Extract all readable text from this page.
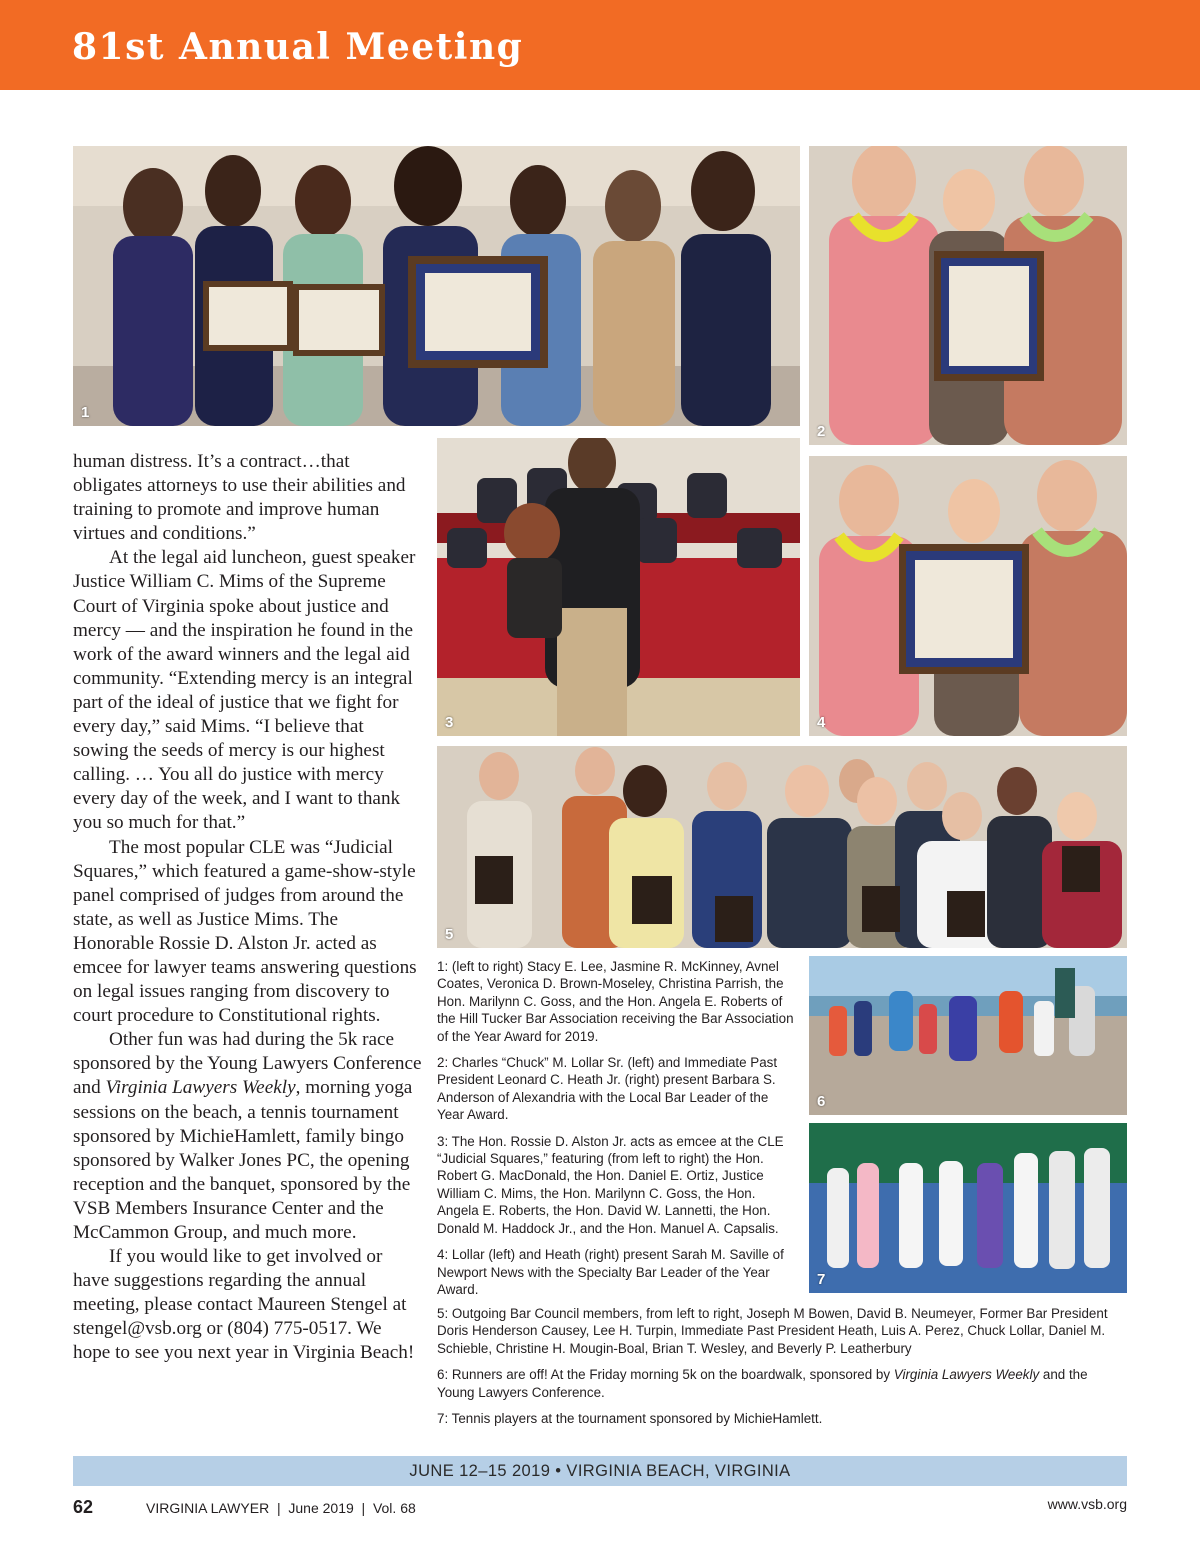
81st Annual Meeting
1
2
3	4
5
6
7

human distress. It’s a contract…that obligates attorneys to use their abilities and training to promote and improve human virtues and conditions.”

At the legal aid luncheon, guest speaker Justice William C. Mims of the Supreme Court of Virginia spoke about justice and mercy — and the inspiration he found in the work of the award winners and the legal aid community. “Extending mercy is an integral part of the ideal of justice that we fight for every day,” said Mims. “I believe that sowing the seeds of mercy is our highest calling. … You all do justice with mercy every day of the week, and I want to thank you so much for that.”

The most popular CLE was “Judicial Squares,” which featured a game-show-style panel comprised of judges from around the state, as well as Justice Mims. The Honorable Rossie D. Alston Jr. acted as emcee for lawyer teams answering questions on legal issues ranging from discovery to court procedure to Constitutional rights.

Other fun was had during the 5k race sponsored by the Young Lawyers Conference and Virginia Lawyers Weekly, morning yoga sessions on the beach, a tennis tournament sponsored by MichieHamlett, family bingo sponsored by Walker Jones PC, the opening reception and the banquet, sponsored by the VSB Members Insurance Center and the McCammon Group, and much more.

If you would like to get involved or have suggestions regarding the annual meeting, please contact Maureen Stengel at stengel@vsb.org or (804) 775-0517. We hope to see you next year in Virginia Beach!

1: (left to right) Stacy E. Lee, Jasmine R. McKinney, Avnel Coates, Veronica D. Brown-Moseley, Christina Parrish, the Hon. Marilynn C. Goss, and the Hon. Angela E. Roberts of the Hill Tucker Bar Association receiving the Bar Association of the Year Award for 2019.

2: Charles “Chuck” M. Lollar Sr. (left) and Immediate Past President Leonard C. Heath Jr. (right) present Barbara S. Anderson of Alexandria with the Local Bar Leader of the Year Award.

3: The Hon. Rossie D. Alston Jr. acts as emcee at the CLE “Judicial Squares,” featuring (from left to right) the Hon. Robert G. MacDonald, the Hon. Daniel E. Ortiz, Justice William C. Mims, the Hon. Marilynn C. Goss, the Hon. Angela E. Roberts, the Hon. David W. Lannetti, the Hon. Donald M. Haddock Jr., and the Hon. Manuel A. Capsalis.

4: Lollar (left) and Heath (right) present Sarah M. Saville of Newport News with the Specialty Bar Leader of the Year Award.

5: Outgoing Bar Council members, from left to right, Joseph M Bowen, David B. Neumeyer, Former Bar President Doris Henderson Causey, Lee H. Turpin, Immediate Past President Heath, Luis A. Perez, Chuck Lollar, Daniel M. Schieble, Christine H. Mougin-Boal, Brian T. Wesley, and Beverly P. Leatherbury

6: Runners are off! At the Friday morning 5k on the boardwalk, sponsored by Virginia Lawyers Weekly and the Young Lawyers Conference.

7: Tennis players at the tournament sponsored by MichieHamlett.

JUNE 12–15 2019 • VIRGINIA BEACH, VIRGINIA
62	VIRGINIA LAWYER  |  June 2019  |  Vol. 68	www.vsb.org
